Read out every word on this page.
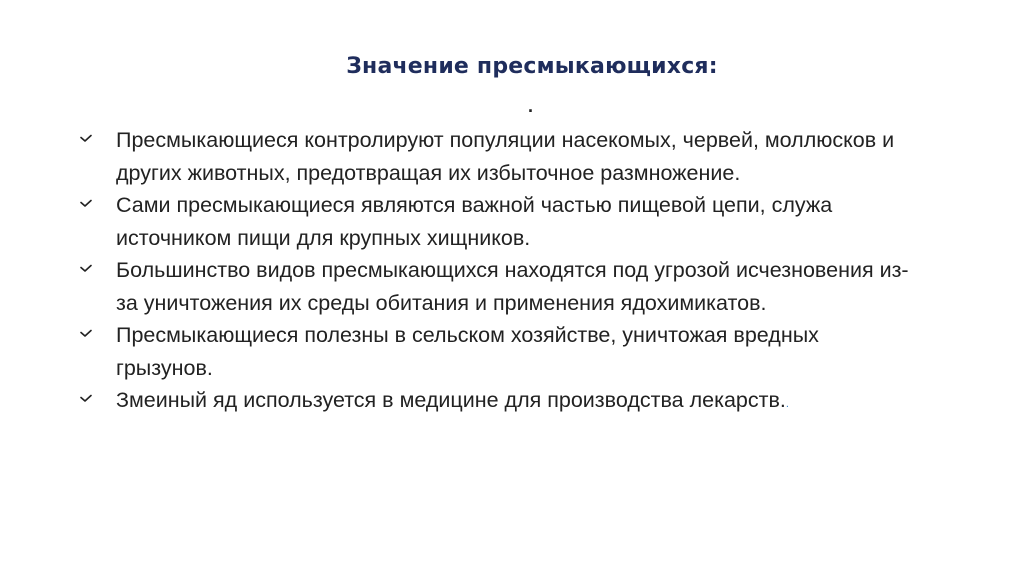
Значение пресмыкающихся:
.
Пресмыкающиеся контролируют популяции насекомых, червей, моллюсков и других животных, предотвращая их избыточное размножение.
Сами пресмыкающиеся являются важной частью пищевой цепи, служа источником пищи для крупных хищников.
Большинство видов пресмыкающихся находятся под угрозой исчезновения из-за уничтожения их среды обитания и применения ядохимикатов.
Пресмыкающиеся полезны в сельском хозяйстве, уничтожая вредных грызунов.
Змеиный яд используется в медицине для производства лекарств..
